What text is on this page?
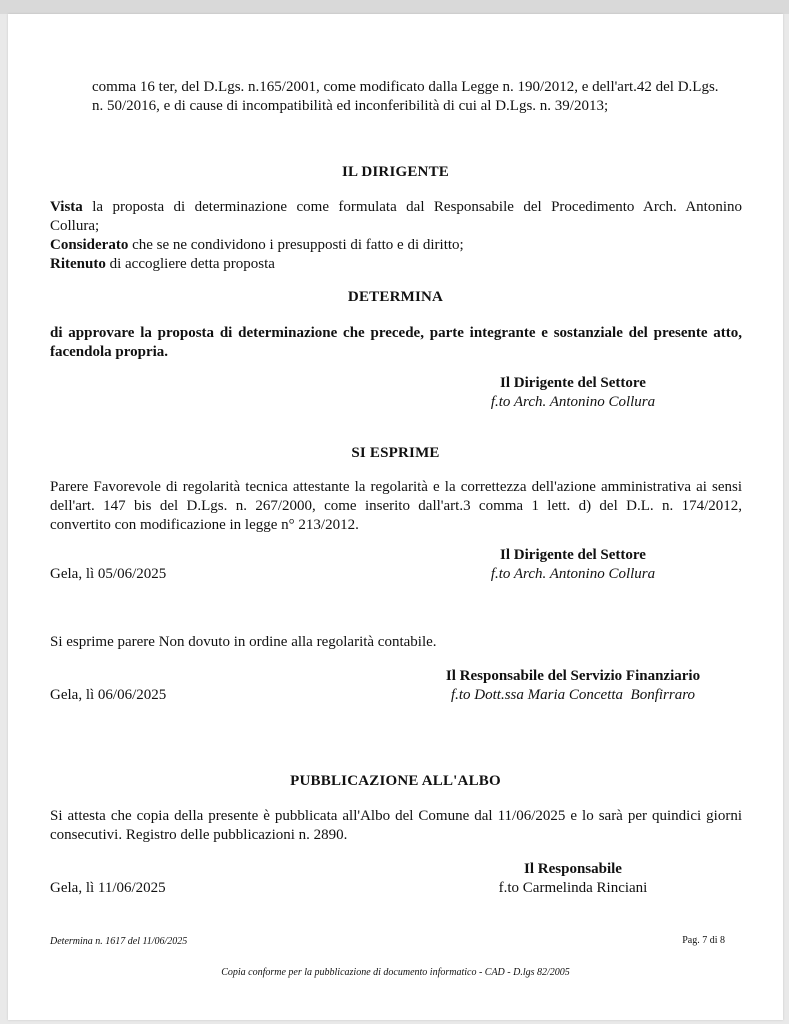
comma 16 ter, del D.Lgs. n.165/2001, come modificato dalla Legge n. 190/2012, e dell'art.42 del D.Lgs.
n. 50/2016, e di cause di incompatibilità ed inconferibilità di cui al D.Lgs. n. 39/2013;
IL DIRIGENTE
Vista la proposta di determinazione come formulata dal Responsabile del Procedimento Arch. Antonino
Collura;
Considerato che se ne condividono i presupposti di fatto e di diritto;
Ritenuto di accogliere detta proposta
DETERMINA
di approvare la proposta di determinazione che precede, parte integrante e sostanziale del presente atto,
facendola propria.
Il Dirigente del Settore
f.to Arch. Antonino Collura
SI ESPRIME
Parere Favorevole di regolarità tecnica attestante la regolarità e la correttezza dell'azione amministrativa ai sensi
dell'art. 147 bis del D.Lgs. n. 267/2000, come inserito dall'art.3 comma 1 lett. d) del D.L. n. 174/2012,
convertito con modificazione in legge n° 213/2012.
Il Dirigente del Settore
f.to Arch. Antonino Collura
Gela, lì 05/06/2025
Si esprime parere Non dovuto in ordine alla regolarità contabile.
Il Responsabile del Servizio Finanziario
f.to Dott.ssa Maria Concetta  Bonfirraro
Gela, lì 06/06/2025
PUBBLICAZIONE ALL'ALBO
Si attesta che copia della presente è pubblicata all'Albo del Comune dal 11/06/2025 e lo sarà per quindici giorni
consecutivi. Registro delle pubblicazioni n. 2890.
Il Responsabile
f.to Carmelinda Rinciani
Gela, lì 11/06/2025
Determina n. 1617 del 11/06/2025	Pag. 7 di 8
Copia conforme per la pubblicazione di documento informatico - CAD - D.lgs 82/2005
